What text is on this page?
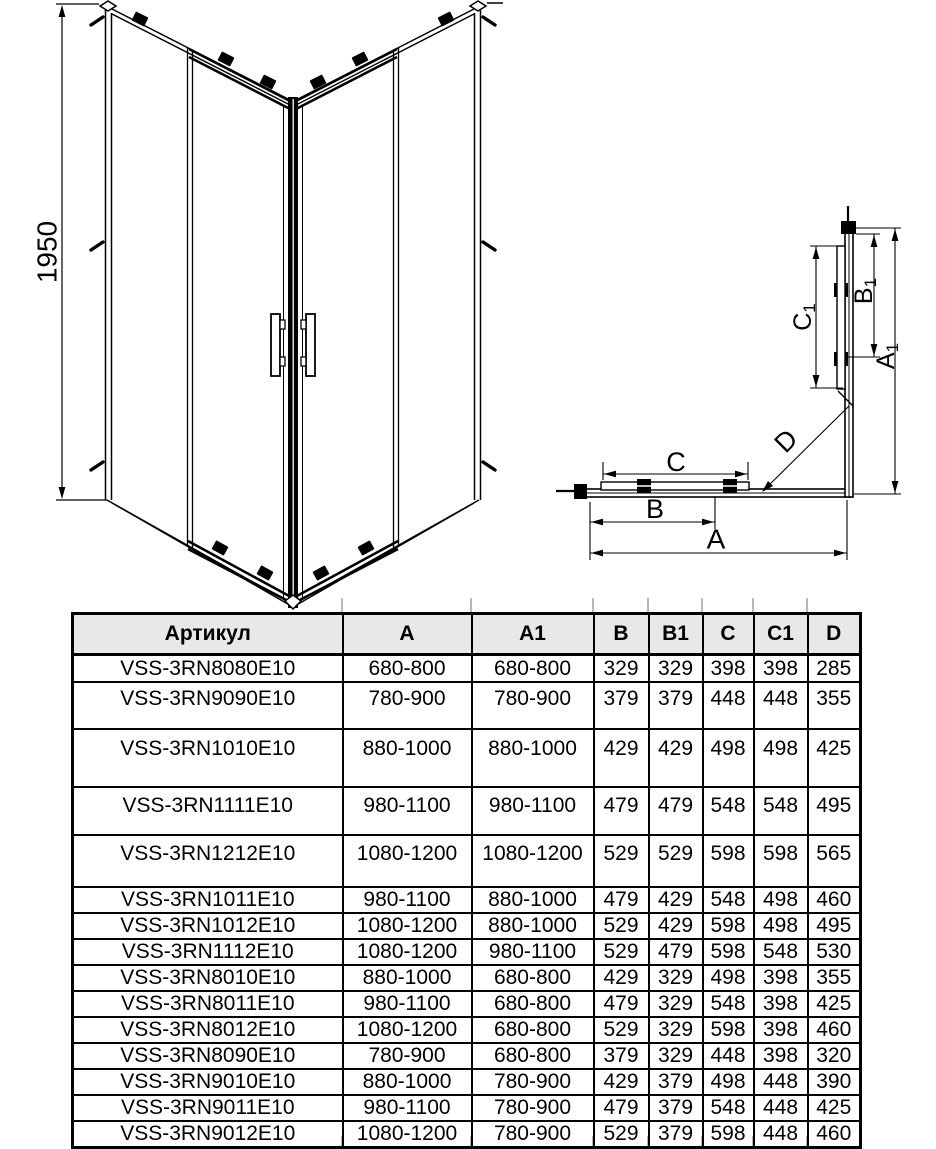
1950
C
B
A
$C_1$
$B_1$
$A_1$
D
Артикул	A	A1	B	B1	C	C1	D
VSS-3RN8080E10	680-800	680-800	329	329	398	398	285
VSS-3RN9090E10	780-900	780-900	379	379	448	448	355
VSS-3RN1010E10	880-1000	880-1000	429	429	498	498	425
VSS-3RN1111E10	980-1100	980-1100	479	479	548	548	495
VSS-3RN1212E10	1080-1200	1080-1200	529	529	598	598	565
VSS-3RN1011E10	980-1100	880-1000	479	429	548	498	460
VSS-3RN1012E10	1080-1200	880-1000	529	429	598	498	495
VSS-3RN1112E10	1080-1200	980-1100	529	479	598	548	530
VSS-3RN8010E10	880-1000	680-800	429	329	498	398	355
VSS-3RN8011E10	980-1100	680-800	479	329	548	398	425
VSS-3RN8012E10	1080-1200	680-800	529	329	598	398	460
VSS-3RN8090E10	780-900	680-800	379	329	448	398	320
VSS-3RN9010E10	880-1000	780-900	429	379	498	448	390
VSS-3RN9011E10	980-1100	780-900	479	379	548	448	425
VSS-3RN9012E10	1080-1200	780-900	529	379	598	448	460
